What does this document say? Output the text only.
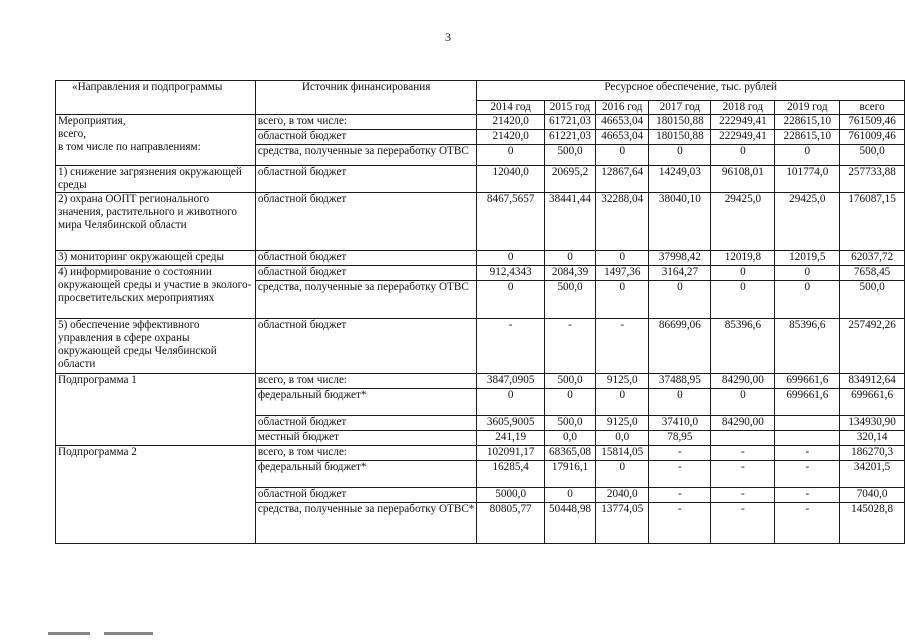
3
«Направления и подпрограммы	Источник финансирования	Ресурсное обеспечение, тыс. рублей						
		2014 год	2015 год	2016 год	2017 год	2018 год	2019 год	всего
Мероприятия,
всего,
в том числе по направлениям:	всего, в том числе:	21420,0	61721,03	46653,04	180150,88	222949,41	228615,10	761509,46
	областной бюджет	21420,0	61221,03	46653,04	180150,88	222949,41	228615,10	761009,46
	средства, полученные за переработку ОТВС	0	500,0	0	0	0	0	500,0
1) снижение загрязнения окружающей среды	областной бюджет	12040,0	20695,2	12867,64	14249,03	96108,01	101774,0	257733,88
2) охрана ООПТ регионального значения, растительного и животного мира Челябинской области	областной бюджет	8467,5657	38441,44	32288,04	38040,10	29425,0	29425,0	176087,15
3) мониторинг окружающей среды	областной бюджет	0	0	0	37998,42	12019,8	12019,5	62037,72
4) информирование о состоянии окружающей среды и участие в эколого-просветительских мероприятиях	областной бюджет	912,4343	2084,39	1497,36	3164,27	0	0	7658,45
	средства, полученные за переработку ОТВС	0	500,0	0	0	0	0	500,0
5) обеспечение эффективного управления в сфере охраны окружающей среды Челябинской области	областной бюджет	-	-	-	86699,06	85396,6	85396,6	257492,26
Подпрограмма 1	всего, в том числе:	3847,0905	500,0	9125,0	37488,95	84290,00	699661,6	834912,64
	федеральный бюджет*	0	0	0	0	0	699661,6	699661,6
	областной бюджет	3605,9005	500,0	9125,0	37410,0	84290,00		134930,90
	местный бюджет	241,19	0,0	0,0	78,95			320,14
Подпрограмма 2	всего, в том числе:	102091,17	68365,08	15814,05	-	-	-	186270,3
	федеральный бюджет*	16285,4	17916,1	0	-	-	-	34201,5
	областной бюджет	5000,0	0	2040,0	-	-	-	7040,0
	средства, полученные за переработку ОТВС*	80805,77	50448,98	13774,05	-	-	-	145028,8
